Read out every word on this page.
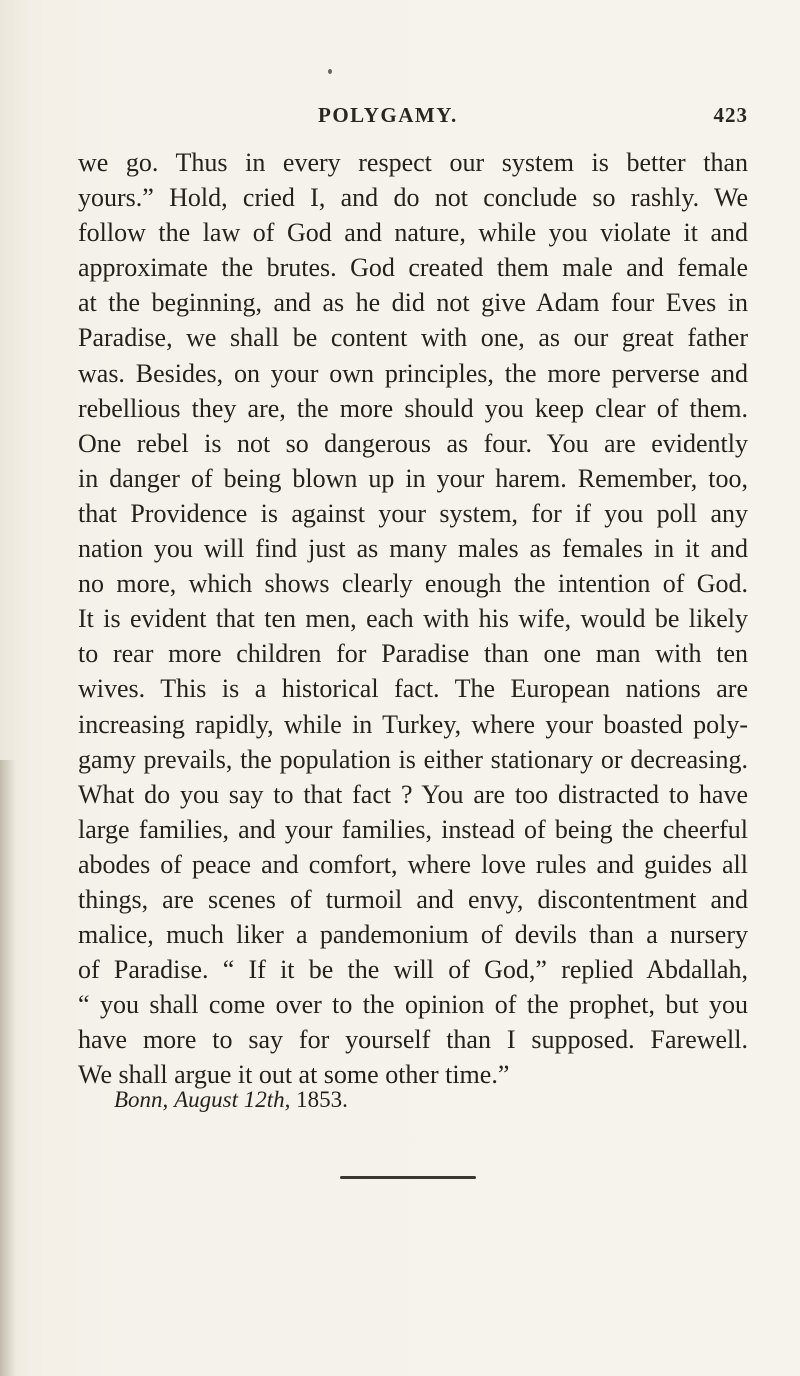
POLYGAMY.	423
we go. Thus in every respect our system is better than
yours.” Hold, cried I, and do not conclude so rashly. We
follow the law of God and nature, while you violate it and
approximate the brutes. God created them male and female
at the beginning, and as he did not give Adam four Eves in
Paradise, we shall be content with one, as our great father
was. Besides, on your own principles, the more perverse and
rebellious they are, the more should you keep clear of them.
One rebel is not so dangerous as four. You are evidently
in danger of being blown up in your harem. Remember, too,
that Providence is against your system, for if you poll any
nation you will find just as many males as females in it and
no more, which shows clearly enough the intention of God.
It is evident that ten men, each with his wife, would be likely
to rear more children for Paradise than one man with ten
wives. This is a historical fact. The European nations are
increasing rapidly, while in Turkey, where your boasted poly-
gamy prevails, the population is either stationary or decreasing.
What do you say to that fact ? You are too distracted to have
large families, and your families, instead of being the cheerful
abodes of peace and comfort, where love rules and guides all
things, are scenes of turmoil and envy, discontentment and
malice, much liker a pandemonium of devils than a nursery
of Paradise. “ If it be the will of God,” replied Abdallah,
“ you shall come over to the opinion of the prophet, but you
have more to say for yourself than I supposed. Farewell.
We shall argue it out at some other time.”
Bonn, August 12th, 1853.
